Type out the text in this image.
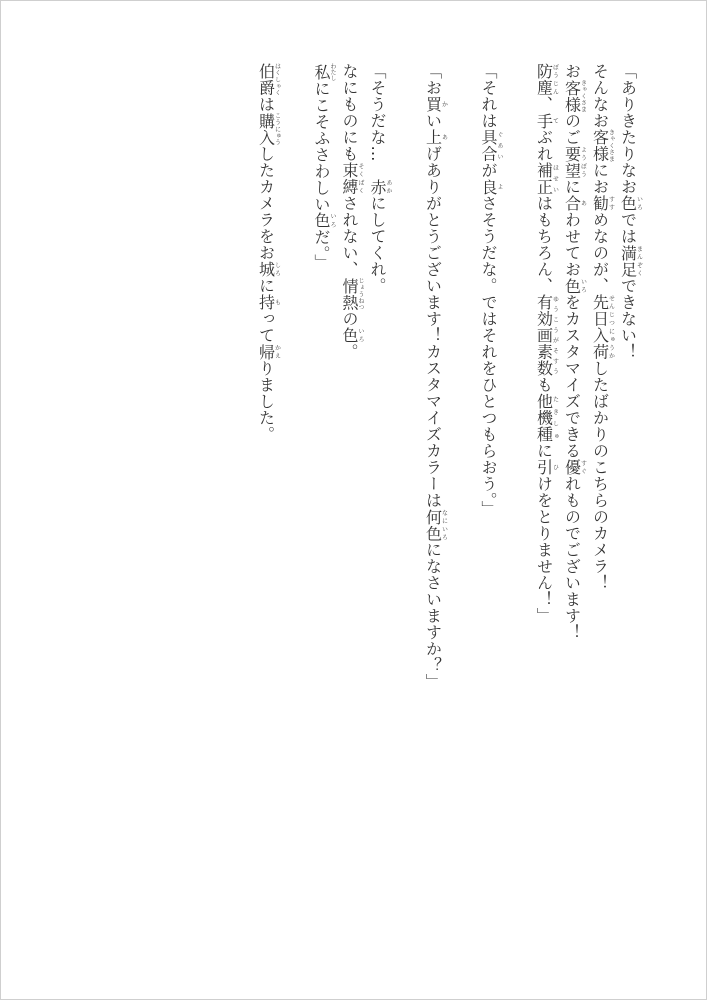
「ありきたりなお色いろでは満足まんぞくできない！

そんなお客様きゃくさまにお勧すすめなのが、先日せんじつ入荷にゅうかしたばかりのこちらのカメラ！

お客様きゃくさまのご要望ようぼうに合あわせてお色いろをカスタマイズできる優すぐれものでございます！

防塵ぼうじん、手てぶれ補正ほせいはもちろん、有効画素数ゆうこうがそすうも他機種たきしゅに引ひけをとりません！」

「それは具合ぐあいが良よさそうだな。ではそれをひとつもらおう。」

「お買かい上あげありがとうございます！カスタマイズカラーは何色なにいろになさいますか？」

「そうだな…　赤あかにしてくれ。

なにものにも束縛そくばくされない、情熱じょうねつの色いろ。

私わたしにこそふさわしい色いろだ。」

伯爵はくしゃくは購入こうにゅうしたカメラをお城しろに持もって帰かえりました。
